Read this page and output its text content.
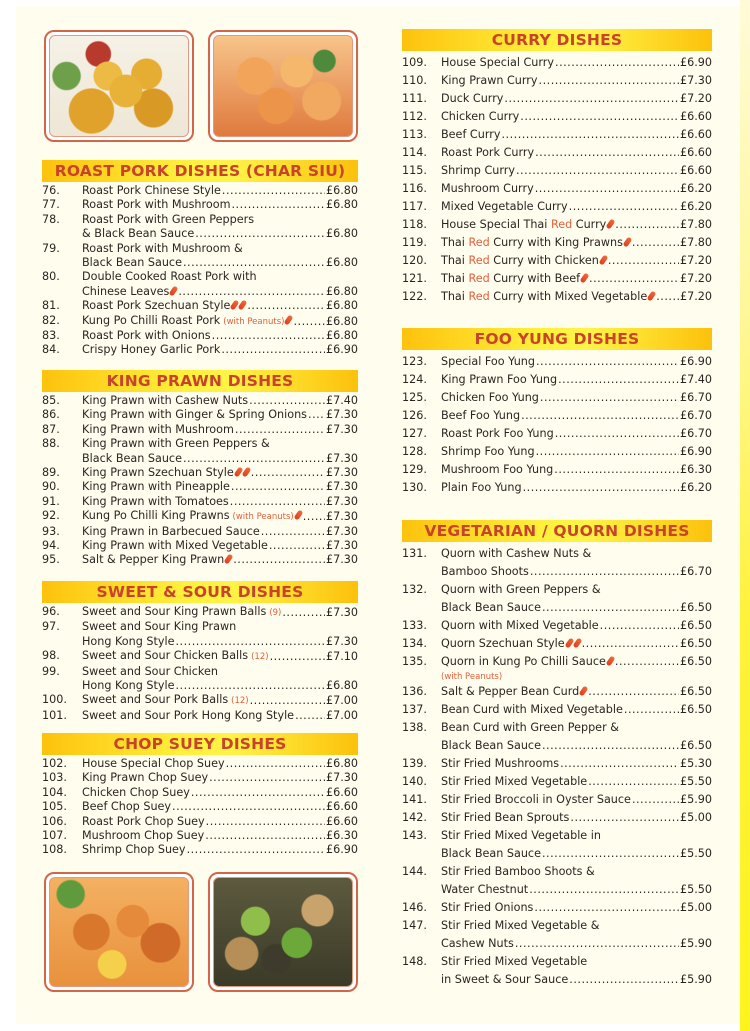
ROAST PORK DISHES (CHAR SIU)
76.	Roast Pork Chinese Style .....	£6.80
77.	Roast Pork with Mushroom .....	£6.80
78.	Roast Pork with Green Peppers
& Black Bean Sauce .....	£6.80
79.	Roast Pork with Mushroom &
Black Bean Sauce .....	£6.80
80.	Double Cooked Roast Pork with
Chinese Leaves .....	£6.80
81.	Roast Pork Szechuan Style .....	£6.80
82.	Kung Po Chilli Roast Pork (with Peanuts) .....	£6.80
83.	Roast Pork with Onions .....	£6.80
84.	Crispy Honey Garlic Pork .....	£6.90
KING PRAWN DISHES
85.	King Prawn with Cashew Nuts .....	£7.40
86.	King Prawn with Ginger & Spring Onions ..... £7.30
87.	King Prawn with Mushroom .....	£7.30
88.	King Prawn with Green Peppers &
Black Bean Sauce .....	£7.30
89.	King Prawn Szechuan Style .....	£7.30
90.	King Prawn with Pineapple .....	£7.30
91.	King Prawn with Tomatoes .....	£7.30
92.	Kung Po Chilli King Prawns (with Peanuts) .....	£7.30
93.	King Prawn in Barbecued Sauce .....	£7.30
94.	King Prawn with Mixed Vegetable .....	£7.30
95.	Salt & Pepper King Prawn .....	£7.30
SWEET & SOUR DISHES
96.	Sweet and Sour King Prawn Balls (9) .....	£7.30
97.	Sweet and Sour King Prawn
Hong Kong Style .....	£7.30
98.	Sweet and Sour Chicken Balls (12) .....	£7.10
99.	Sweet and Sour Chicken
Hong Kong Style .....	£6.80
100.	Sweet and Sour Pork Balls (12) .....	£7.00
101.	Sweet and Sour Pork Hong Kong Style .....	£7.00
CHOP SUEY DISHES
102.	House Special Chop Suey .....	£6.80
103.	King Prawn Chop Suey .....	£7.30
104.	Chicken Chop Suey .....	£6.60
105.	Beef Chop Suey .....	£6.60
106.	Roast Pork Chop Suey .....	£6.60
107.	Mushroom Chop Suey .....	£6.30
108.	Shrimp Chop Suey .....	£6.90
CURRY DISHES
109.	House Special Curry .....	£6.90
110.	King Prawn Curry .....	£7.30
111.	Duck Curry .....	£7.20
112.	Chicken Curry .....	£6.60
113.	Beef Curry .....	£6.60
114.	Roast Pork Curry .....	£6.60
115.	Shrimp Curry .....	£6.60
116.	Mushroom Curry .....	£6.20
117.	Mixed Vegetable Curry .....	£6.20
118.	House Special Thai Red Curry .....	£7.80
119.	Thai Red Curry with King Prawns .....	£7.80
120.	Thai Red Curry with Chicken .....	£7.20
121.	Thai Red Curry with Beef .....	£7.20
122.	Thai Red Curry with Mixed Vegetable .....	£7.20
FOO YUNG DISHES
123.	Special Foo Yung .....	£6.90
124.	King Prawn Foo Yung .....	£7.40
125.	Chicken Foo Yung .....	£6.70
126.	Beef Foo Yung .....	£6.70
127.	Roast Pork Foo Yung .....	£6.70
128.	Shrimp Foo Yung .....	£6.90
129.	Mushroom Foo Yung .....	£6.30
130.	Plain Foo Yung .....	£6.20
VEGETARIAN / QUORN DISHES
131.	Quorn with Cashew Nuts &
Bamboo Shoots .....	£6.70
132.	Quorn with Green Peppers &
Black Bean Sauce .....	£6.50
133.	Quorn with Mixed Vegetable .....	£6.50
134.	Quorn Szechuan Style .....	£6.50
135.	Quorn in Kung Po Chilli Sauce .....	£6.50
(with Peanuts)
136.	Salt & Pepper Bean Curd .....	£6.50
137.	Bean Curd with Mixed Vegetable .....	£6.50
138.	Bean Curd with Green Pepper &
Black Bean Sauce .....	£6.50
139.	Stir Fried Mushrooms .....	£5.30
140.	Stir Fried Mixed Vegetable .....	£5.50
141.	Stir Fried Broccoli in Oyster Sauce .....	£5.90
142.	Stir Fried Bean Sprouts .....	£5.00
143.	Stir Fried Mixed Vegetable in
Black Bean Sauce .....	£5.50
144.	Stir Fried Bamboo Shoots &
Water Chestnut .....	£5.50
146.	Stir Fried Onions .....	£5.00
147.	Stir Fried Mixed Vegetable &
Cashew Nuts .....	£5.90
148.	Stir Fried Mixed Vegetable
in Sweet & Sour Sauce .....	£5.90
